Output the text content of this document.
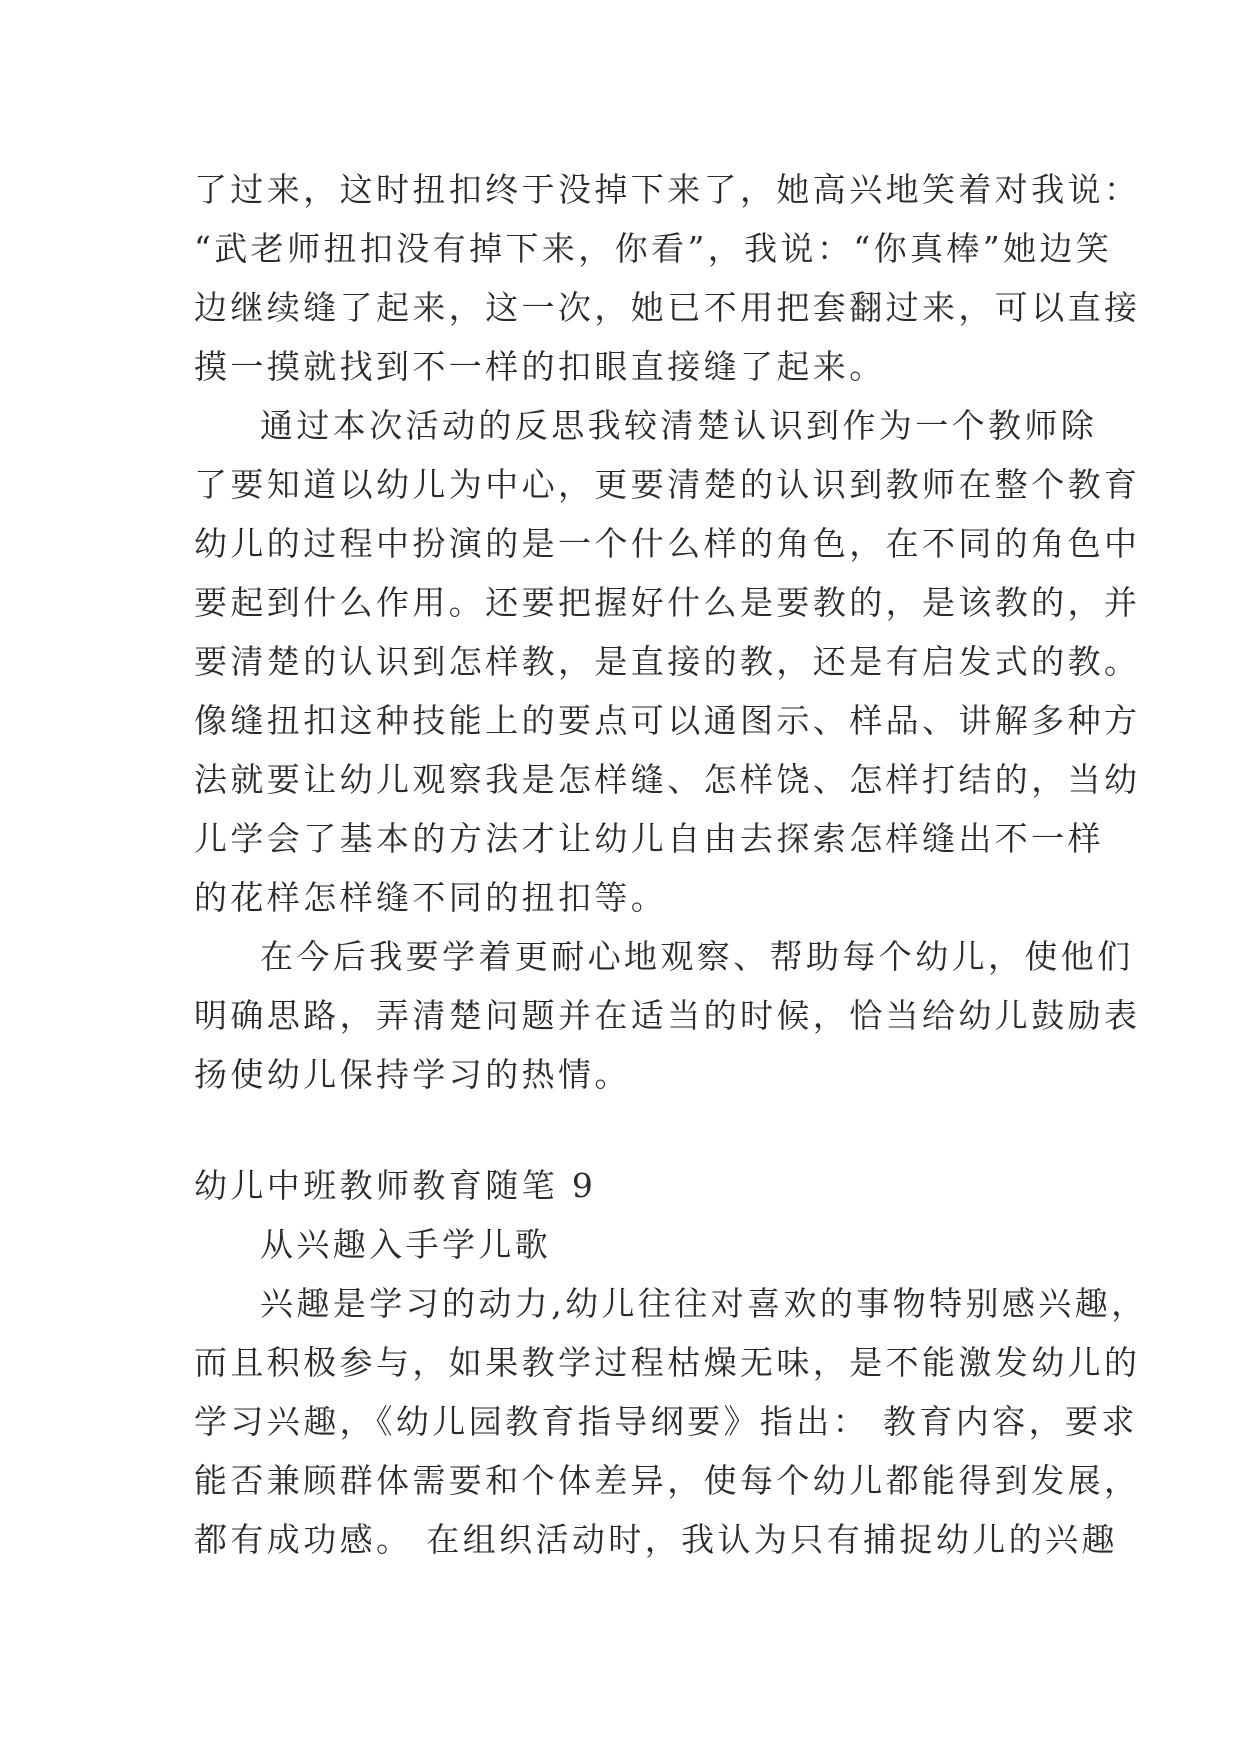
了过来，这时扭扣终于没掉下来了，她高兴地笑着对我说：
“武老师扭扣没有掉下来，你看”，我说：“你真棒”她边笑
边继续缝了起来，这一次，她已不用把套翻过来，可以直接
摸一摸就找到不一样的扣眼直接缝了起来。
通过本次活动的反思我较清楚认识到作为一个教师除
了要知道以幼儿为中心，更要清楚的认识到教师在整个教育
幼儿的过程中扮演的是一个什么样的角色，在不同的角色中
要起到什么作用。还要把握好什么是要教的，是该教的，并
要清楚的认识到怎样教，是直接的教，还是有启发式的教。
像缝扭扣这种技能上的要点可以通图示、样品、讲解多种方
法就要让幼儿观察我是怎样缝、怎样饶、怎样打结的，当幼
儿学会了基本的方法才让幼儿自由去探索怎样缝出不一样
的花样怎样缝不同的扭扣等。
在今后我要学着更耐心地观察、帮助每个幼儿，使他们
明确思路，弄清楚问题并在适当的时候，恰当给幼儿鼓励表
扬使幼儿保持学习的热情。
幼儿中班教师教育随笔 9
从兴趣入手学儿歌
兴趣是学习的动力,幼儿往往对喜欢的事物特别感兴趣，
而且积极参与，如果教学过程枯燥无味，是不能激发幼儿的
学习兴趣，《幼儿园教育指导纲要》指出： 教育内容，要求
能否兼顾群体需要和个体差异，使每个幼儿都能得到发展，
都有成功感。 在组织活动时，我认为只有捕捉幼儿的兴趣
